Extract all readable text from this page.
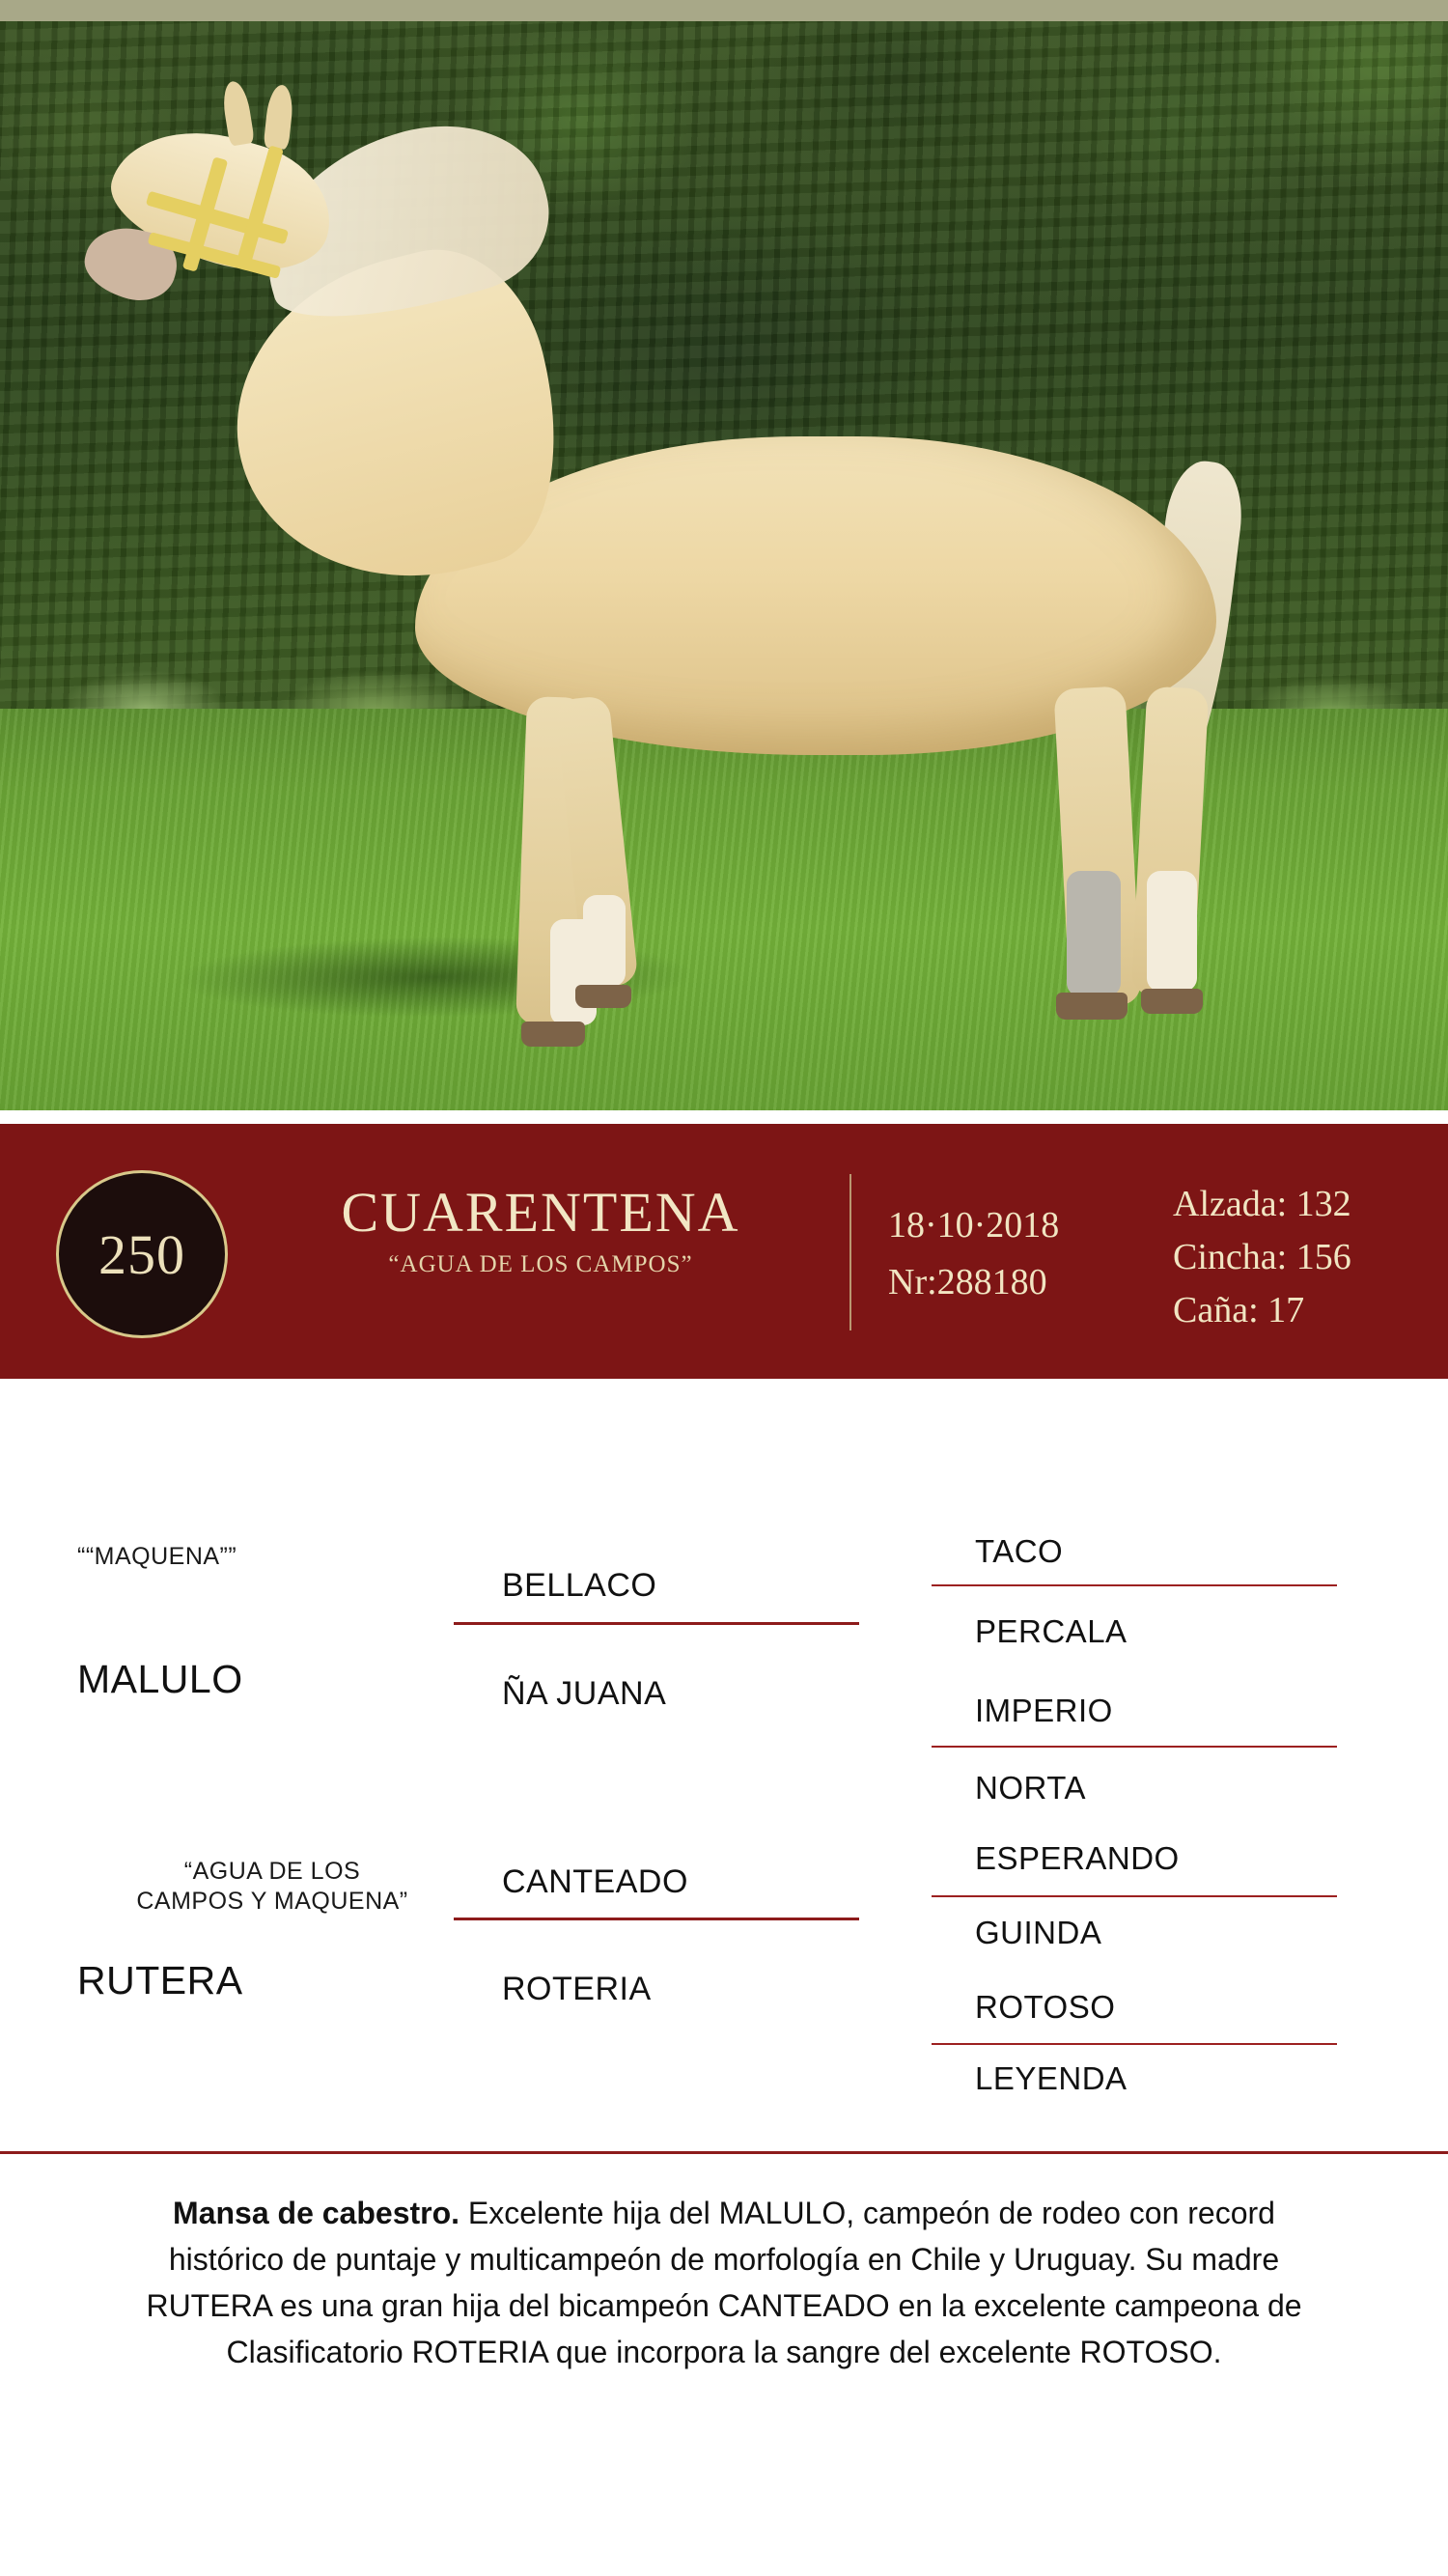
250
CUARENTENA
“AGUA DE LOS CAMPOS”
18·10·2018
Nr:288180
Alzada: 132
Cincha: 156
Caña: 17
““MAQUENA””
MALULO
“AGUA DE LOS
CAMPOS Y MAQUENA”
RUTERA
BELLACO
ÑA JUANA
CANTEADO
ROTERIA
TACO
PERCALA
IMPERIO
NORTA
ESPERANDO
GUINDA
ROTOSO
LEYENDA
Mansa de cabestro. Excelente hija del MALULO, campeón de rodeo con record histórico de puntaje y multicampeón de morfología en Chile y Uruguay. Su madre RUTERA es una gran hija del bicampeón CANTEADO en la excelente campeona de Clasificatorio ROTERIA que incorpora la sangre del excelente ROTOSO.
